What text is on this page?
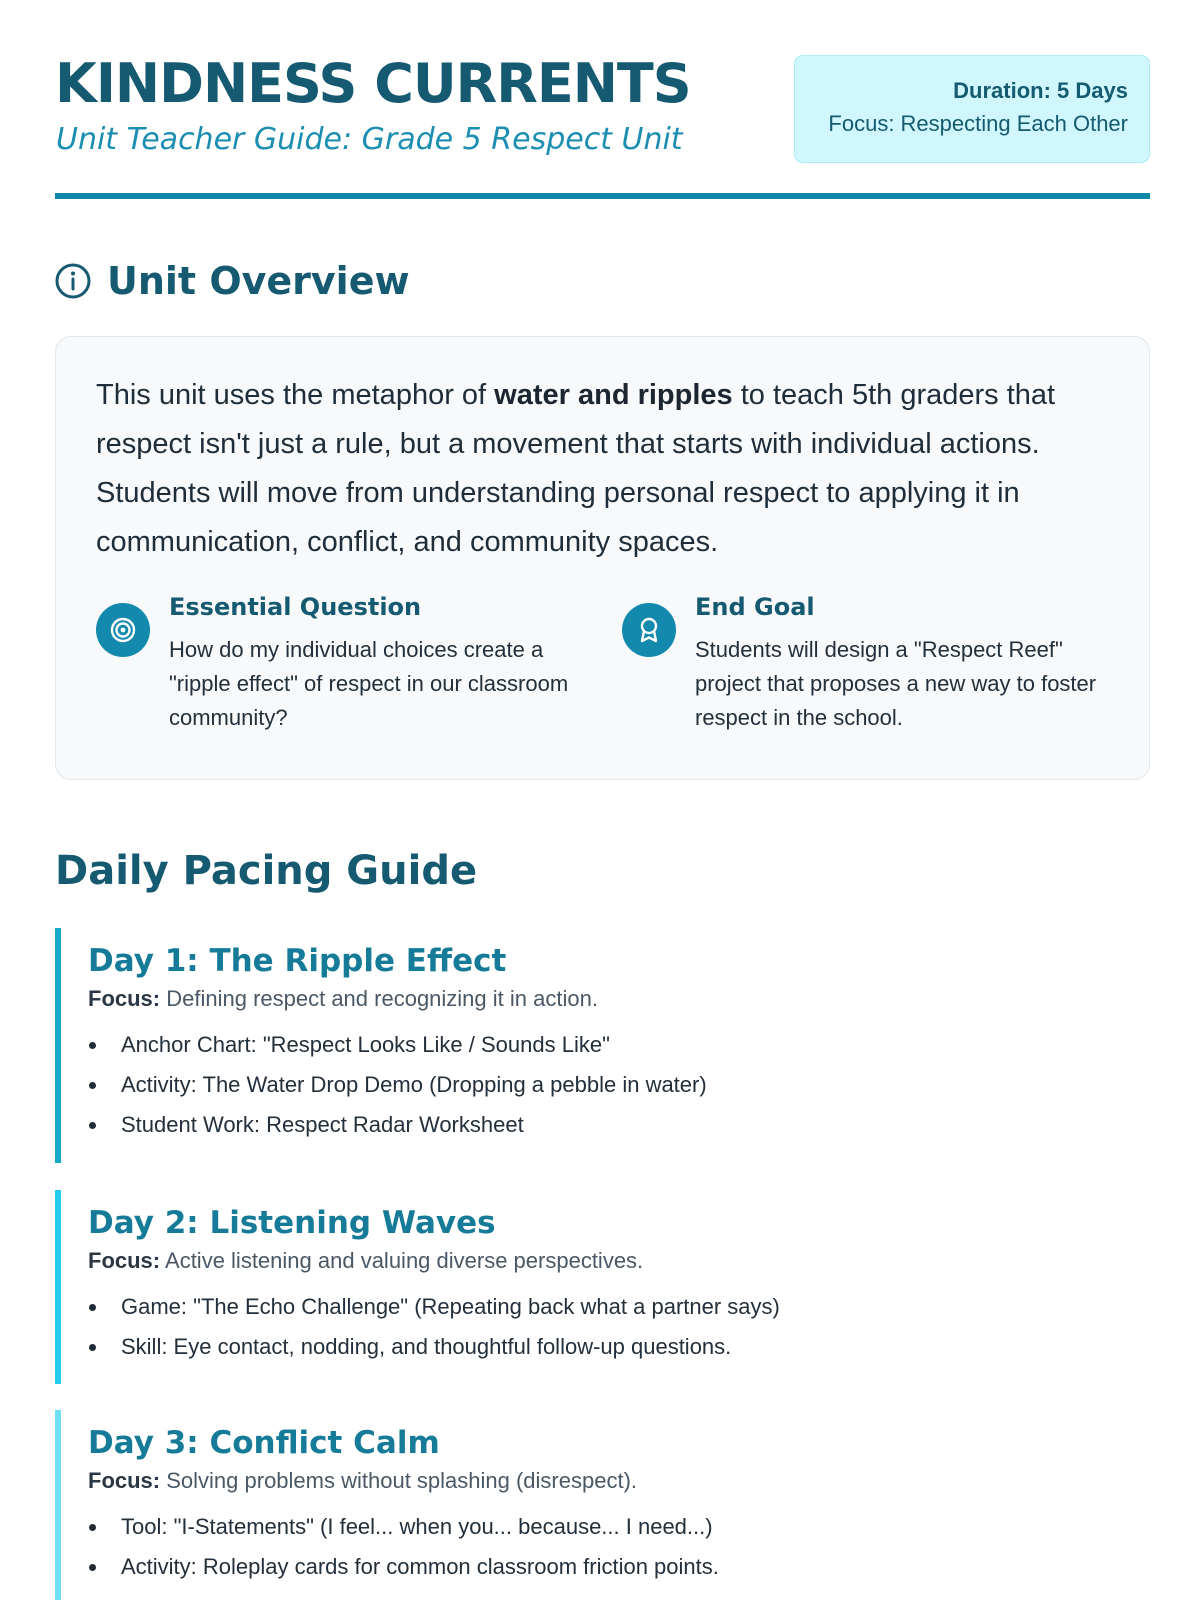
KINDNESS CURRENTS

Unit Teacher Guide: Grade 5 Respect Unit

Duration: 5 Days
Focus: Respecting Each Other
Unit Overview

This unit uses the metaphor of water and ripples to teach 5th graders that respect isn't just a rule, but a movement that starts with individual actions. Students will move from understanding personal respect to applying it in communication, conflict, and community spaces.

Essential Question

How do my individual choices create a "ripple effect" of respect in our classroom community?

End Goal

Students will design a "Respect Reef" project that proposes a new way to foster respect in the school.

Daily Pacing Guide
Day 1: The Ripple Effect

Focus: Defining respect and recognizing it in action.

Anchor Chart: "Respect Looks Like / Sounds Like"
Activity: The Water Drop Demo (Dropping a pebble in water)
Student Work: Respect Radar Worksheet
Day 2: Listening Waves

Focus: Active listening and valuing diverse perspectives.

Game: "The Echo Challenge" (Repeating back what a partner says)
Skill: Eye contact, nodding, and thoughtful follow-up questions.
Day 3: Conflict Calm

Focus: Solving problems without splashing (disrespect).

Tool: "I-Statements" (I feel... when you... because... I need...)
Activity: Roleplay cards for common classroom friction points.
